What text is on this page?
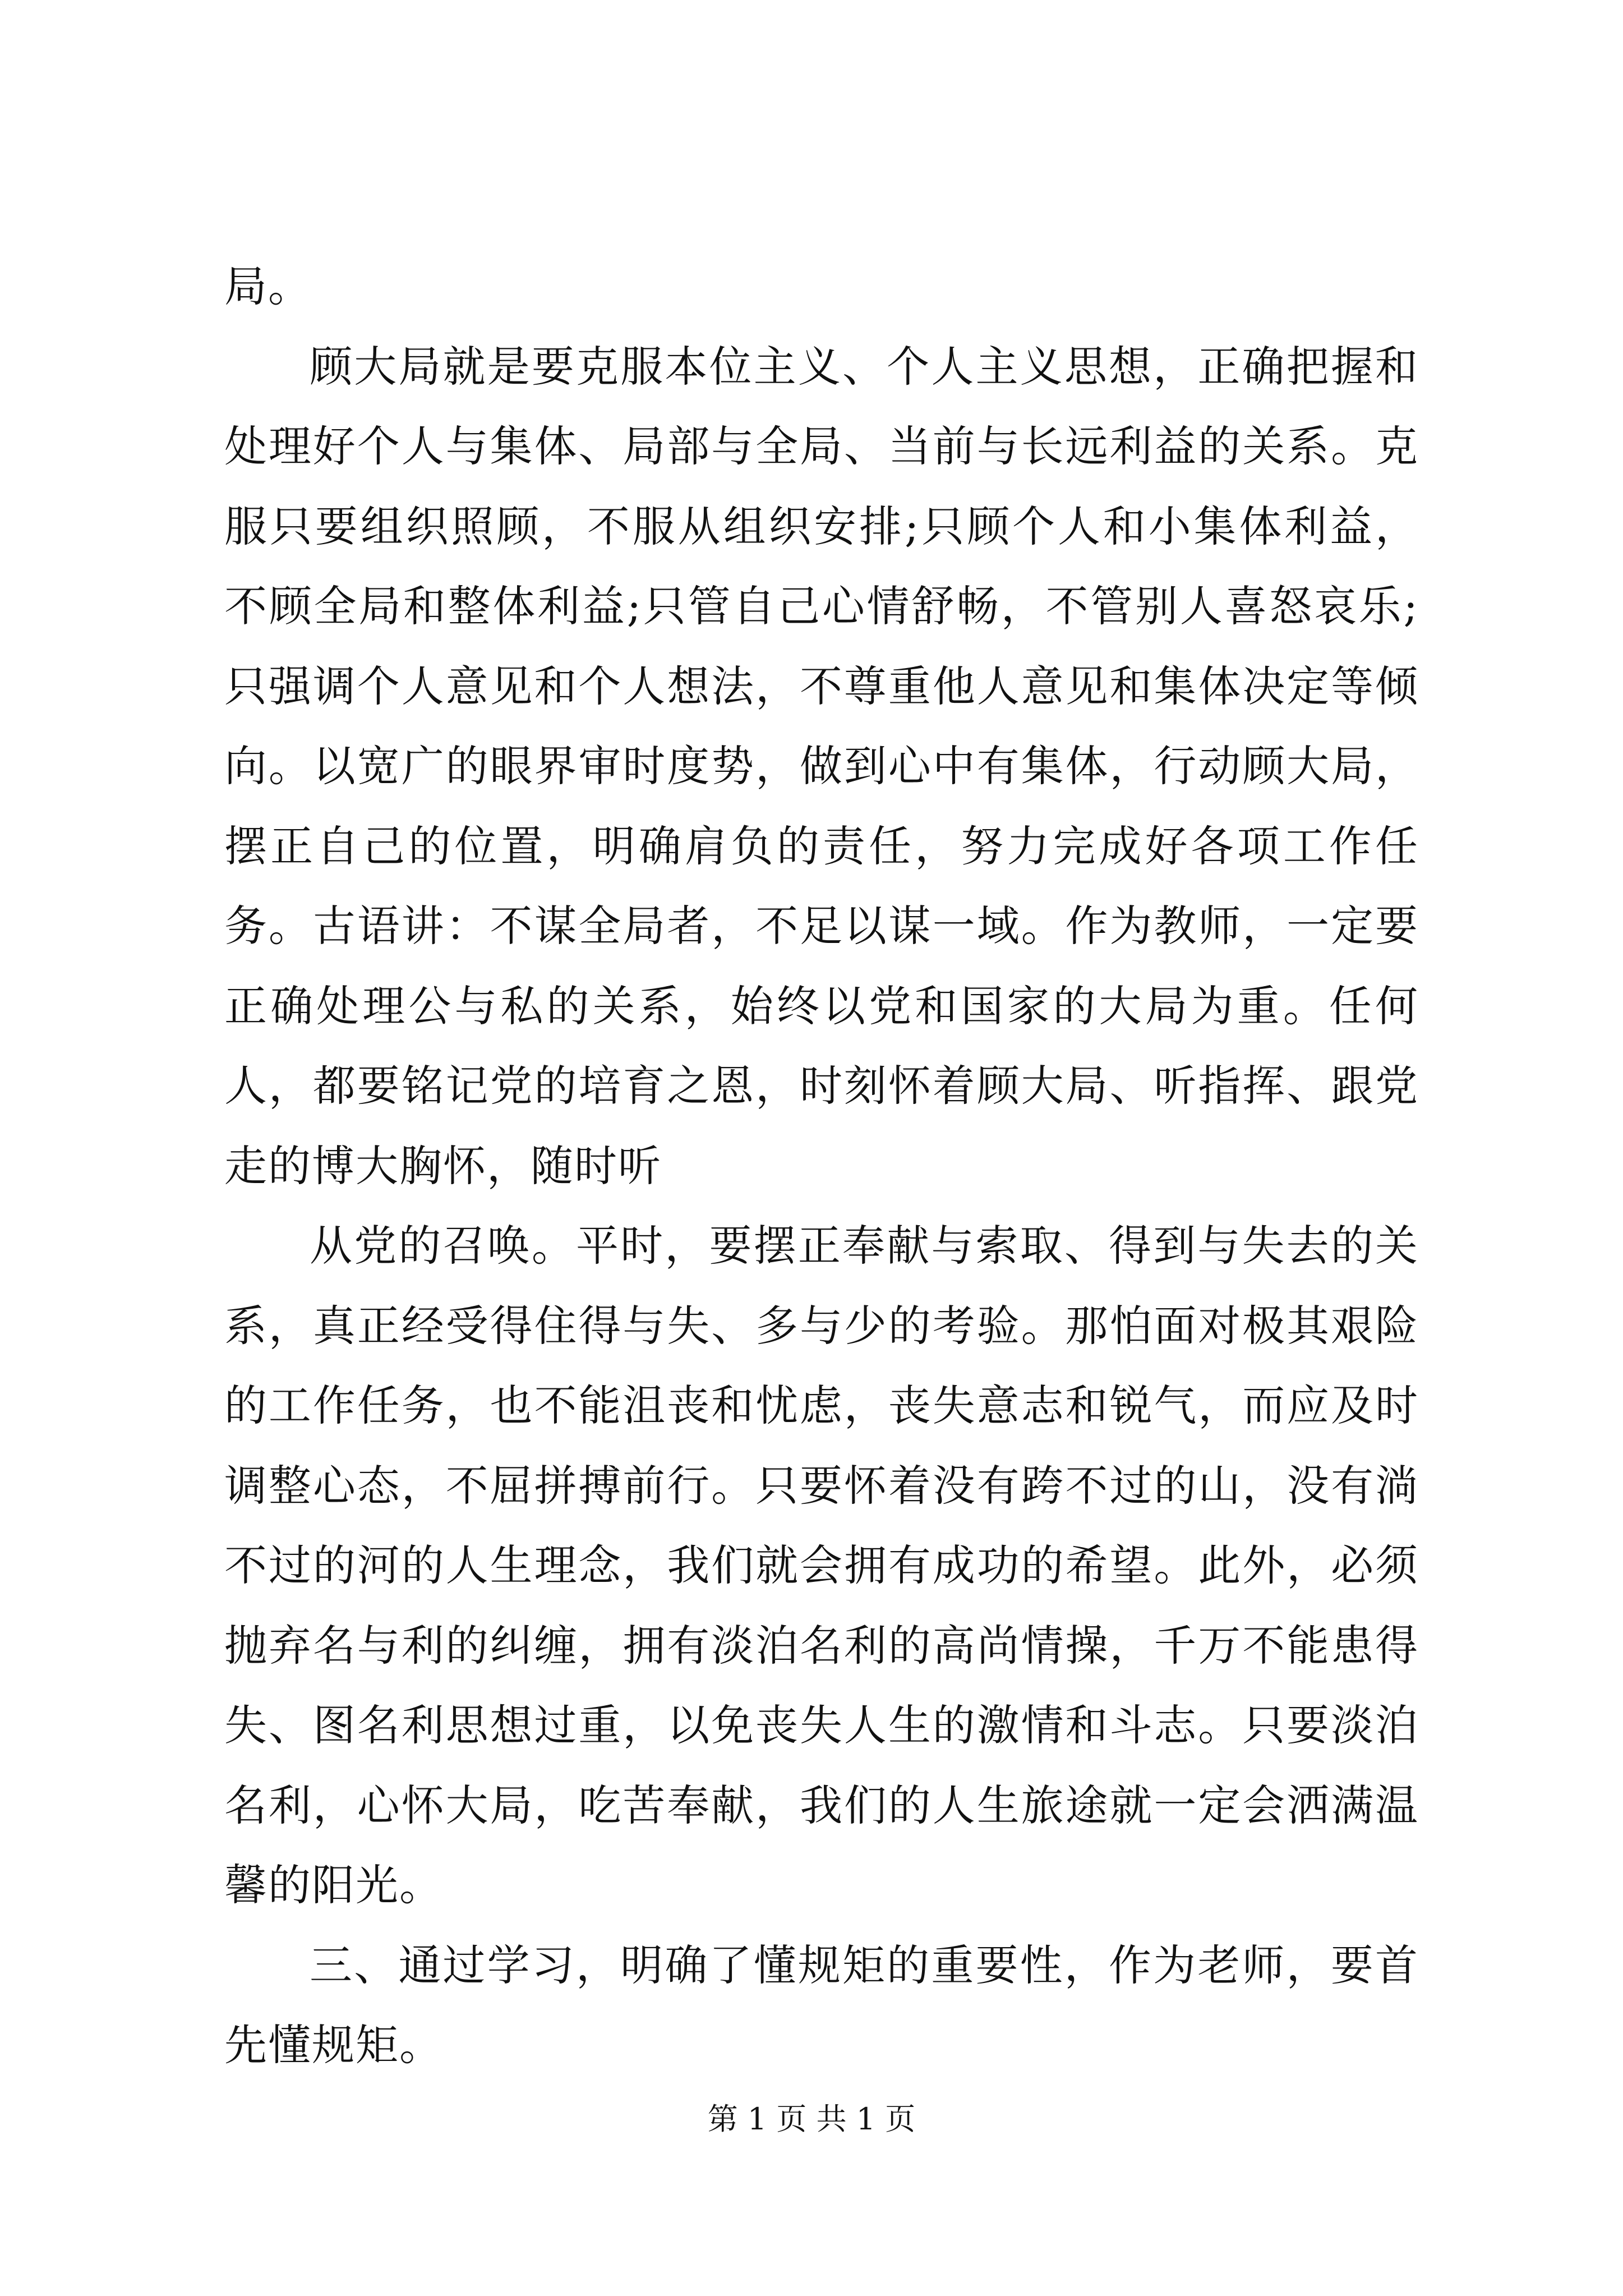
局。

顾大局就是要克服本位主义、个人主义思想，正确把握和处理好个人与集体、局部与全局、当前与长远利益的关系。克服只要组织照顾，不服从组织安排;只顾个人和小集体利益，不顾全局和整体利益;只管自己心情舒畅，不管别人喜怒哀乐;只强调个人意见和个人想法，不尊重他人意见和集体决定等倾向。以宽广的眼界审时度势，做到心中有集体，行动顾大局，摆正自己的位置，明确肩负的责任，努力完成好各项工作任务。古语讲：不谋全局者，不足以谋一域。作为教师，一定要正确处理公与私的关系，始终以党和国家的大局为重。任何人，都要铭记党的培育之恩，时刻怀着顾大局、听指挥、跟党走的博大胸怀，随时听

从党的召唤。平时，要摆正奉献与索取、得到与失去的关系，真正经受得住得与失、多与少的考验。那怕面对极其艰险的工作任务，也不能沮丧和忧虑，丧失意志和锐气，而应及时调整心态，不屈拼搏前行。只要怀着没有跨不过的山，没有淌不过的河的人生理念，我们就会拥有成功的希望。此外，必须抛弃名与利的纠缠，拥有淡泊名利的高尚情操，千万不能患得失、图名利思想过重，以免丧失人生的激情和斗志。只要淡泊名利，心怀大局，吃苦奉献，我们的人生旅途就一定会洒满温馨的阳光。

三、通过学习，明确了懂规矩的重要性，作为老师，要首先懂规矩。

第 1 页 共 1 页
